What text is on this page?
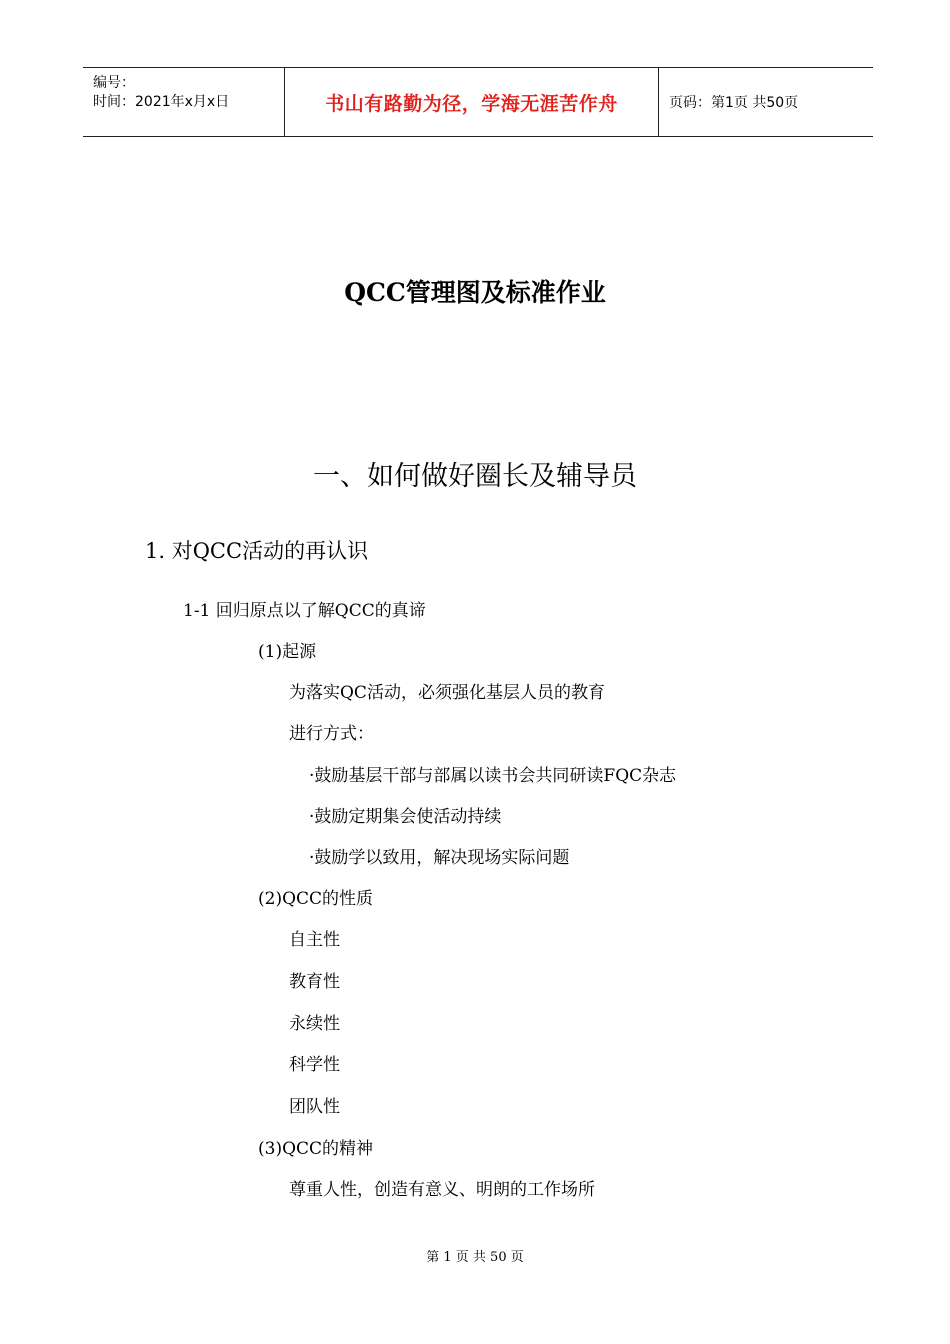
编号：
时间：2021年x月x日	书山有路勤为径，学海无涯苦作舟	页码：第1页 共50页
QCC管理图及标准作业
一、如何做好圈长及辅导员
1. 对QCC活动的再认识
1-1 回归原点以了解QCC的真谛
(1)起源
为落实QC活动，必须强化基层人员的教育
进行方式：
·鼓励基层干部与部属以读书会共同研读FQC杂志
·鼓励定期集会使活动持续
·鼓励学以致用，解决现场实际问题
(2)QCC的性质
自主性
教育性
永续性
科学性
团队性
(3)QCC的精神
尊重人性，创造有意义、明朗的工作场所
第 1 页 共 50 页
